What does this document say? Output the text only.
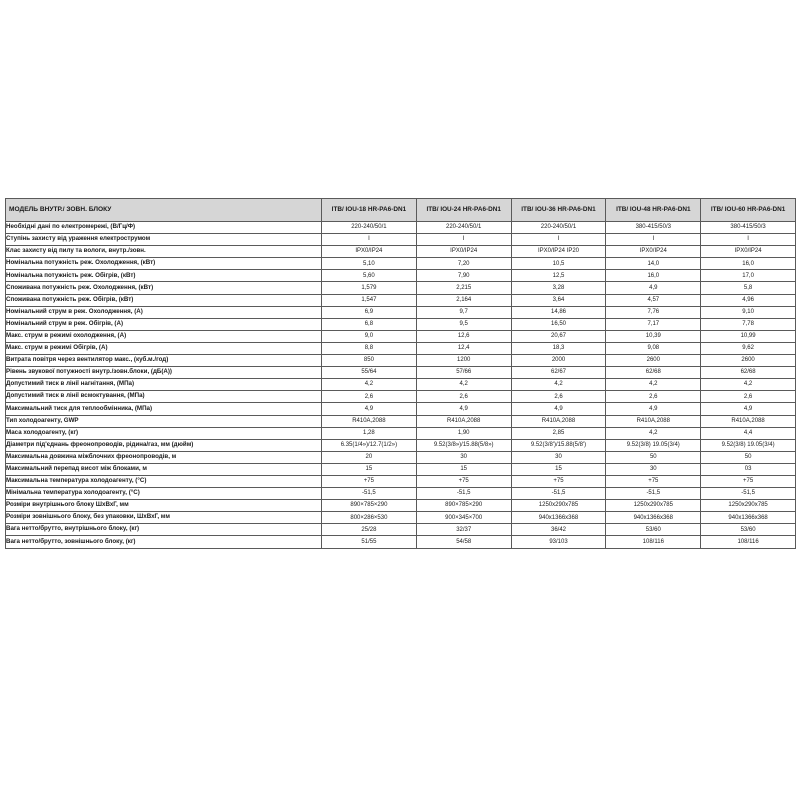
МОДЕЛЬ ВНУТР./ ЗОВН. БЛОКУ	ITB/ IOU-18 HR-PA6-DN1	ITB/ IOU-24 HR-PA6-DN1	ITB/ IOU-36 HR-PA6-DN1	ITB/ IOU-48 HR-PA6-DN1	ITB/ IOU-60 HR-PA6-DN1
Необхідні дані по електромережі, (В/Гц/Ф)	220-240/50/1	220-240/50/1	220-240/50/1	380-415/50/3	380-415/50/3
Ступінь захисту від ураження електрострумом	I	I	I	I	I
Клас захисту від пилу та вологи, внутр./зовн.	IPX0/IP24	IPX0/IP24	IPX0/IP24 IP20	IPX0/IP24	IPX0/IP24
Номінальна потужність реж. Охолодження, (кВт)	5,10	7,20	10,5	14,0	16,0
Номінальна потужність реж. Обігрів, (кВт)	5,60	7,90	12,5	16,0	17,0
Споживана потужність реж. Охолодження, (кВт)	1,579	2,215	3,28	4,9	5,8
Споживана потужність реж. Обігрів, (кВт)	1,547	2,164	3,64	4,57	4,96
Номінальний струм в реж. Охолодження, (А)	6,9	9,7	14,86	7,76	9,10
Номінальний струм в реж. Обігрів, (А)	6,8	9,5	16,50	7,17	7,78
Макс. струм в режимі охолодження, (А)	9,0	12,6	20,67	10,39	10,99
Макс. струм в режимі Обігрів, (А)	8,8	12,4	18,3	9,08	9,62
Витрата повітря через вентилятор макс., (куб.м./год)	850	1200	2000	2600	2600
Рівень звукової потужності внутр./зовн.блоки, (дБ(А))	55/64	57/66	62/67	62/68	62/68
Допустимий тиск в лінії нагнітання, (МПа)	4,2	4,2	4,2	4,2	4,2
Допустимий тиск в лінії всмоктування, (МПа)	2,6	2,6	2,6	2,6	2,6
Максимальний тиск для теплообмінника, (МПа)	4,9	4,9	4,9	4,9	4,9
Тип холодоагенту, GWP	R410A,2088	R410A,2088	R410A,2088	R410A,2088	R410A,2088
Маса холодоагенту, (кг)	1,28	1,90	2,85	4,2	4,4
Діаметри під'єднань фреонопроводів, рідина/газ, мм (дюйм)	6.35(1/4»)/12.7(1/2»)	9.52(3/8»)/15.88(5/8»)	9.52(3/8')/15.88(5/8')	9.52(3/8) 19.05(3/4)	9.52(3/8) 19.05(3/4)
Максимальна довжина міжблочних фреонопроводів, м	20	30	30	50	50
Максимальний перепад висот між блоками, м	15	15	15	30	03
Максимальна температура холодоагенту, (°С)	+75	+75	+75	+75	+75
Мінімальна температура холодоагенту, (°С)	-51,5	-51,5	-51,5	-51,5	-51,5
Розміри внутрішнього блоку ШхВхГ, мм	890×785×290	890×785×290	1250x290x785	1250x290x785	1250x290x785
Розміри зовнішнього блоку, без упаковки, ШхВхГ, мм	800×286×530	900×345×700	940x1366x368	940x1366x368	940x1366x368
Вага нетто/брутто, внутрішнього блоку, (кг)	25/28	32/37	36/42	53/60	53/60
Вага нетто/брутто, зовнішнього блоку, (кг)	51/55	54/58	93/103	108/116	108/116
